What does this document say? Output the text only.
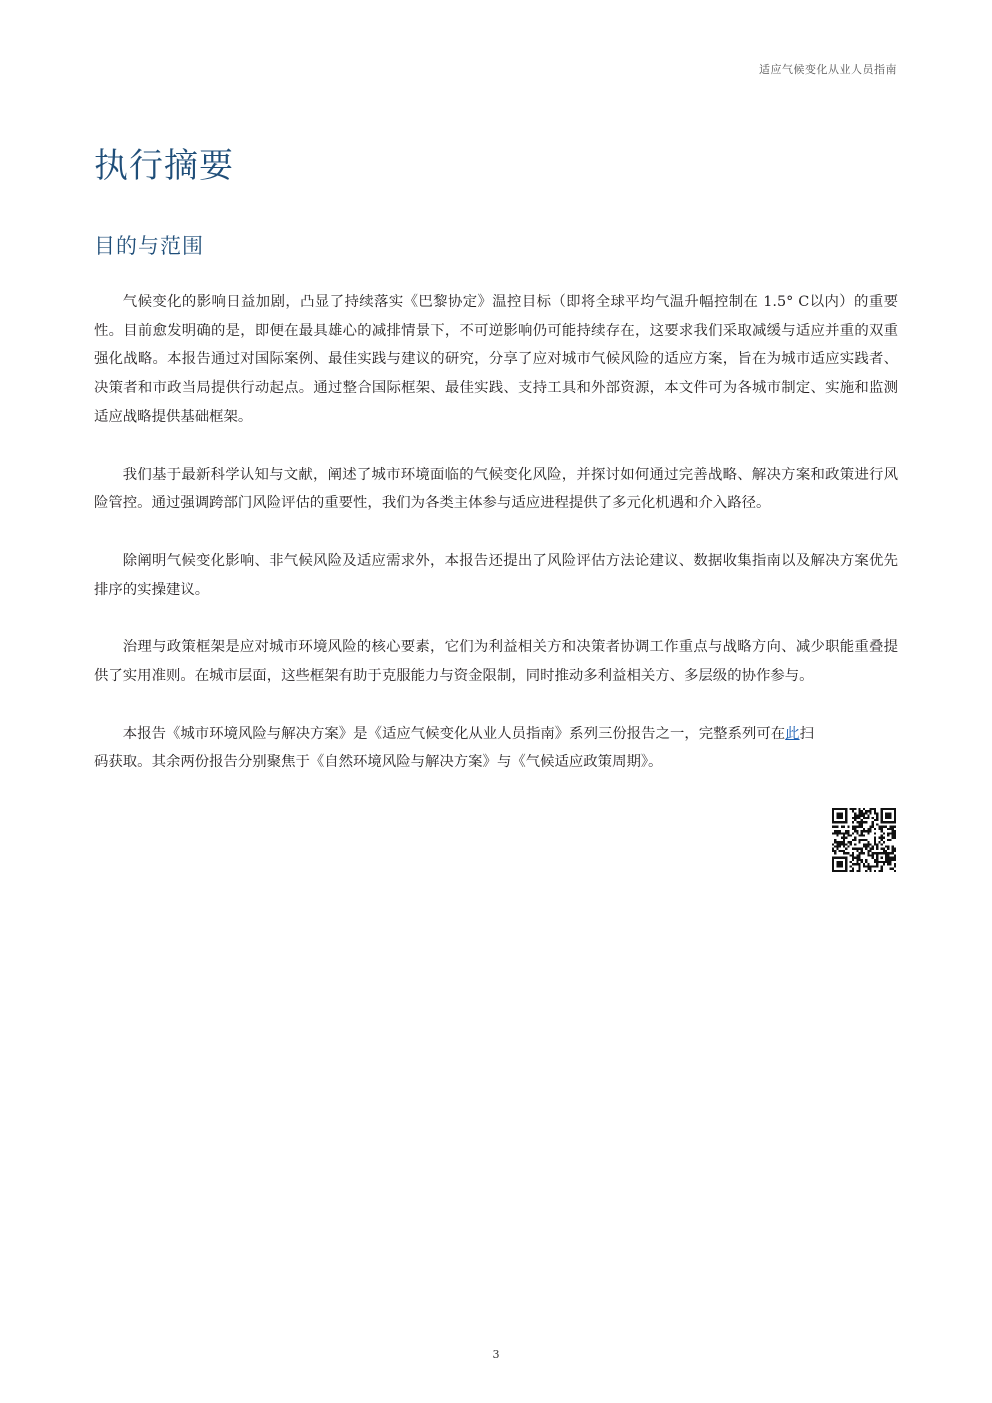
适应气候变化从业人员指南
执行摘要
目的与范围

气候变化的影响日益加剧，凸显了持续落实《巴黎协定》温控目标（即将全球平均气温升幅控制在 1.5° C以内）的重要性。目前愈发明确的是，即便在最具雄心的减排情景下，不可逆影响仍可能持续存在，这要求我们采取减缓与适应并重的双重强化战略。本报告通过对国际案例、最佳实践与建议的研究，分享了应对城市气候风险的适应方案，旨在为城市适应实践者、决策者和市政当局提供行动起点。通过整合国际框架、最佳实践、支持工具和外部资源，本文件可为各城市制定、实施和监测适应战略提供基础框架。

我们基于最新科学认知与文献，阐述了城市环境面临的气候变化风险，并探讨如何通过完善战略、解决方案和政策进行风险管控。通过强调跨部门风险评估的重要性，我们为各类主体参与适应进程提供了多元化机遇和介入路径。

除阐明气候变化影响、非气候风险及适应需求外，本报告还提出了风险评估方法论建议、数据收集指南以及解决方案优先排序的实操建议。

治理与政策框架是应对城市环境风险的核心要素，它们为利益相关方和决策者协调工作重点与战略方向、减少职能重叠提供了实用准则。在城市层面，这些框架有助于克服能力与资金限制，同时推动多利益相关方、多层级的协作参与。

本报告《城市环境风险与解决方案》是《适应气候变化从业人员指南》系列三份报告之一，完整系列可在此扫码获取。其余两份报告分别聚焦于《自然环境风险与解决方案》与《气候适应政策周期》。

3
